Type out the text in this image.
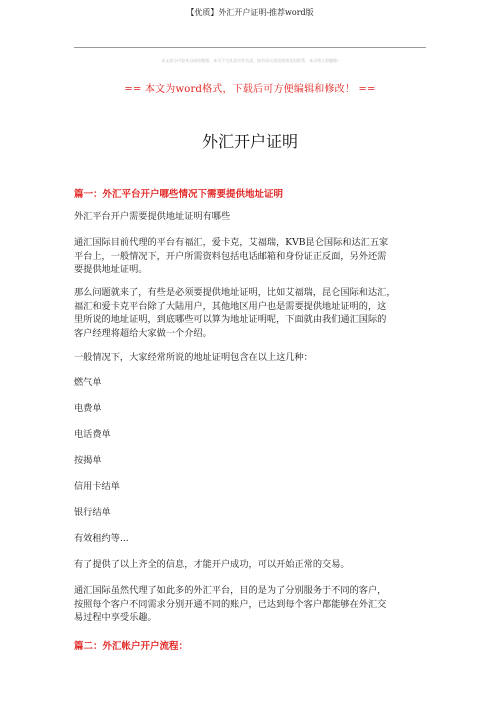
【优质】外汇开户证明-推荐word版
本文部分内容来自网络整理，本司不为其真实性负责，如有异议或侵权请及时联系，本司将立即删除!
== 本文为word格式，下载后可方便编辑和修改！ ==
外汇开户证明
篇一：外汇平台开户哪些情况下需要提供地址证明
外汇平台开户需要提供地址证明有哪些
通汇国际目前代理的平台有福汇，爱卡克，艾福瑞，KVB昆仑国际和达汇五家
平台上，一般情况下，开户所需资料包括电话邮箱和身份证正反面，另外还需
要提供地址证明。
那么问题就来了，有些是必须要提供地址证明，比如艾福瑞，昆仑国际和达汇，
福汇和爱卡克平台除了大陆用户，其他地区用户也是需要提供地址证明的，这
里所说的地址证明，到底哪些可以算为地址证明呢，下面就由我们通汇国际的
客户经理将超给大家做一个介绍。
一般情况下，大家经常所说的地址证明包含在以上这几种：
燃气单
电费单
电话费单
按揭单
信用卡结单
银行结单
有效租约等...
有了提供了以上齐全的信息，才能开户成功，可以开始正常的交易。
通汇国际虽然代理了如此多的外汇平台，目的是为了分别服务于不同的客户，
按照每个客户不同需求分别开通不同的账户，已达到每个客户都能够在外汇交
易过程中享受乐趣。
篇二：外汇帐户开户流程：
